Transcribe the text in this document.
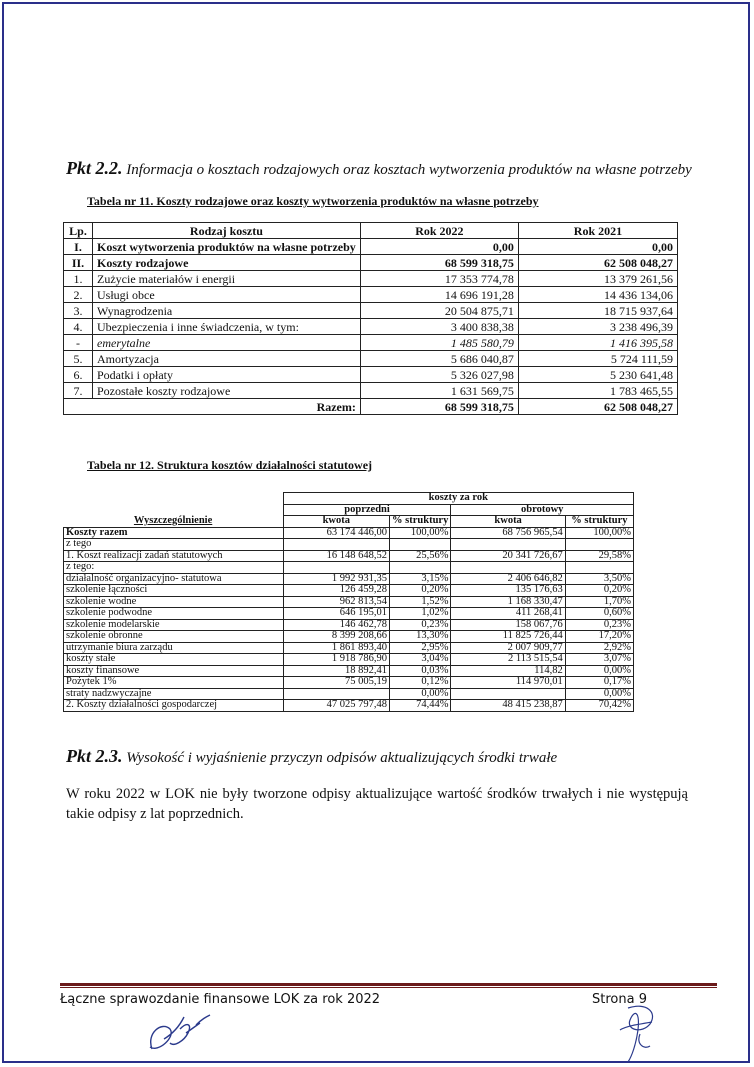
Pkt 2.2. Informacja o kosztach rodzajowych oraz kosztach wytworzenia produktów na własne potrzeby
Tabela nr 11. Koszty rodzajowe oraz koszty wytworzenia produktów na własne potrzeby
Lp.	Rodzaj kosztu	Rok 2022	Rok 2021
I.	Koszt wytworzenia produktów na własne potrzeby	0,00	0,00
II.	Koszty rodzajowe	68 599 318,75	62 508 048,27
1.	Zużycie materiałów i energii	17 353 774,78	13 379 261,56
2.	Usługi obce	14 696 191,28	14 436 134,06
3.	Wynagrodzenia	20 504 875,71	18 715 937,64
4.	Ubezpieczenia i inne świadczenia, w tym:	3 400 838,38	3 238 496,39
-	emerytalne	1 485 580,79	1 416 395,58
5.	Amortyzacja	5 686 040,87	5 724 111,59
6.	Podatki i opłaty	5 326 027,98	5 230 641,48
7.	Pozostałe koszty rodzajowe	1 631 569,75	1 783 465,55
Razem:		68 599 318,75	62 508 048,27
Tabela nr 12. Struktura kosztów działalności statutowej
	koszty za rok			
	poprzedni		obrotowy	
Wyszczególnienie	kwota	% struktury	kwota	% struktury
Koszty razem	63 174 446,00	100,00%	68 756 965,54	100,00%
z tego				
1. Koszt realizacji zadań statutowych	16 148 648,52	25,56%	20 341 726,67	29,58%
z tego:				
działalność organizacyjno- statutowa	1 992 931,35	3,15%	2 406 646,82	3,50%
szkolenie łączności	126 459,28	0,20%	135 176,63	0,20%
szkolenie wodne	962 813,54	1,52%	1 168 330,47	1,70%
szkolenie podwodne	646 195,01	1,02%	411 268,41	0,60%
szkolenie modelarskie	146 462,78	0,23%	158 067,76	0,23%
szkolenie obronne	8 399 208,66	13,30%	11 825 726,44	17,20%
utrzymanie biura zarządu	1 861 893,40	2,95%	2 007 909,77	2,92%
koszty stałe	1 918 786,90	3,04%	2 113 515,54	3,07%
koszty finansowe	18 892,41	0,03%	114,82	0,00%
Pożytek 1%	75 005,19	0,12%	114 970,01	0,17%
straty nadzwyczajne		0,00%		0,00%
2. Koszty działalności gospodarczej	47 025 797,48	74,44%	48 415 238,87	70,42%
Pkt 2.3. Wysokość i wyjaśnienie przyczyn odpisów aktualizujących środki trwałe
W roku 2022 w LOK nie były tworzone odpisy aktualizujące wartość środków trwałych i nie występują takie odpisy z lat poprzednich.
Łączne sprawozdanie finansowe LOK za rok 2022	Strona 9
